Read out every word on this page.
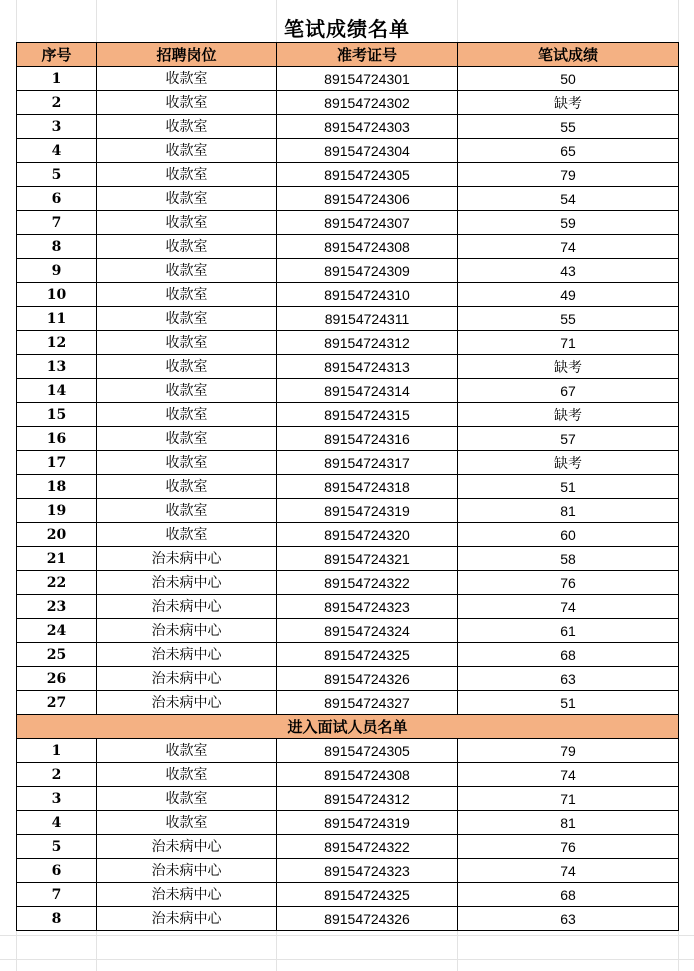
笔试成绩名单
序号	招聘岗位	准考证号	笔试成绩
1	收款室	89154724301	50
2	收款室	89154724302	缺考
3	收款室	89154724303	55
4	收款室	89154724304	65
5	收款室	89154724305	79
6	收款室	89154724306	54
7	收款室	89154724307	59
8	收款室	89154724308	74
9	收款室	89154724309	43
10	收款室	89154724310	49
11	收款室	89154724311	55
12	收款室	89154724312	71
13	收款室	89154724313	缺考
14	收款室	89154724314	67
15	收款室	89154724315	缺考
16	收款室	89154724316	57
17	收款室	89154724317	缺考
18	收款室	89154724318	51
19	收款室	89154724319	81
20	收款室	89154724320	60
21	治未病中心	89154724321	58
22	治未病中心	89154724322	76
23	治未病中心	89154724323	74
24	治未病中心	89154724324	61
25	治未病中心	89154724325	68
26	治未病中心	89154724326	63
27	治未病中心	89154724327	51
进入面试人员名单			
1	收款室	89154724305	79
2	收款室	89154724308	74
3	收款室	89154724312	71
4	收款室	89154724319	81
5	治未病中心	89154724322	76
6	治未病中心	89154724323	74
7	治未病中心	89154724325	68
8	治未病中心	89154724326	63
